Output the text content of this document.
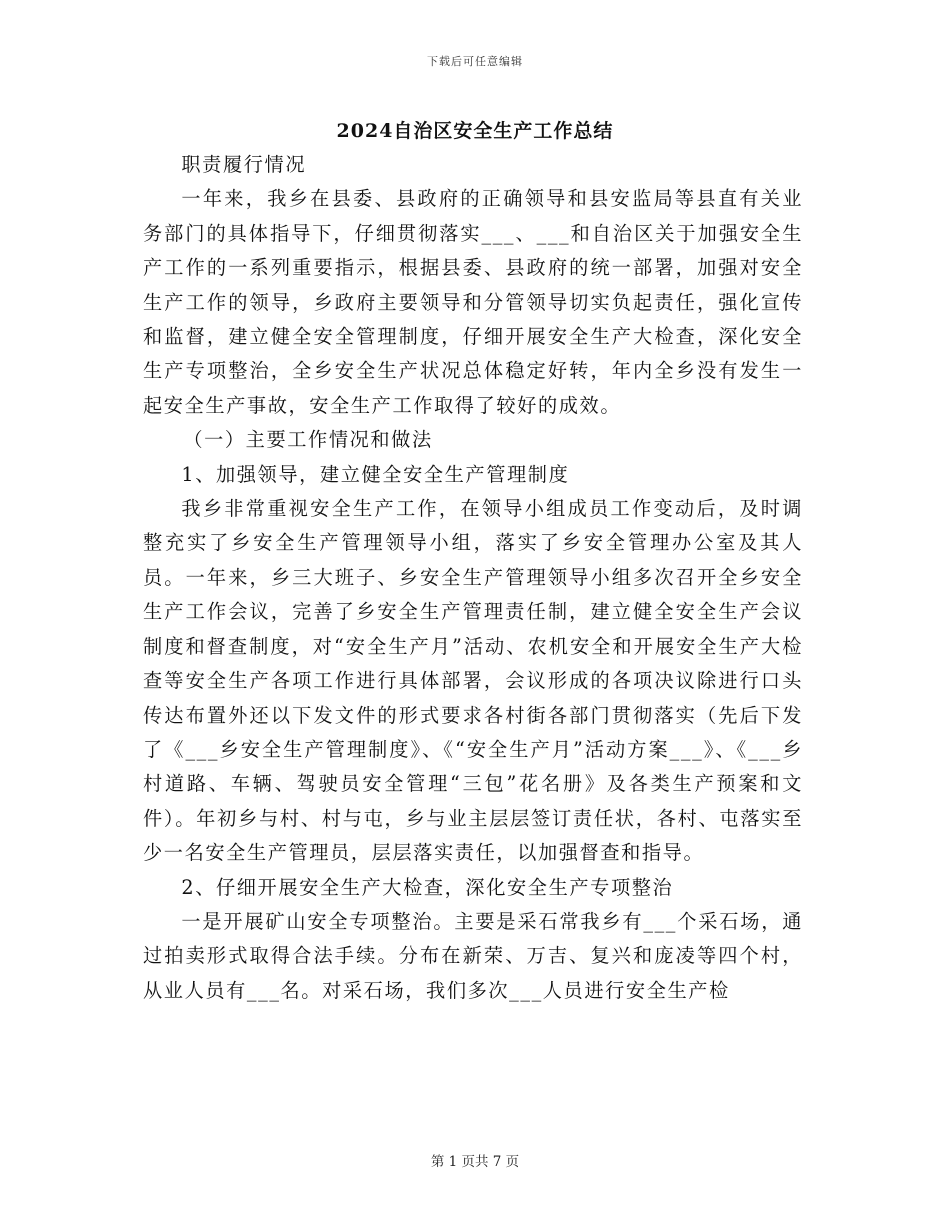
下载后可任意编辑
2024自治区安全生产工作总结

职责履行情况

一年来，我乡在县委、县政府的正确领导和县安监局等县直有关业务部门的具体指导下，仔细贯彻落实___、___和自治区关于加强安全生产工作的一系列重要指示，根据县委、县政府的统一部署，加强对安全生产工作的领导，乡政府主要领导和分管领导切实负起责任，强化宣传和监督，建立健全安全管理制度，仔细开展安全生产大检查，深化安全生产专项整治，全乡安全生产状况总体稳定好转，年内全乡没有发生一起安全生产事故，安全生产工作取得了较好的成效。

（一）主要工作情况和做法

1、加强领导，建立健全安全生产管理制度

我乡非常重视安全生产工作，在领导小组成员工作变动后，及时调整充实了乡安全生产管理领导小组，落实了乡安全管理办公室及其人员。一年来，乡三大班子、乡安全生产管理领导小组多次召开全乡安全生产工作会议，完善了乡安全生产管理责任制，建立健全安全生产会议制度和督查制度，对“安全生产月”活动、农机安全和开展安全生产大检查等安全生产各项工作进行具体部署，会议形成的各项决议除进行口头传达布置外还以下发文件的形式要求各村街各部门贯彻落实（先后下发了《___乡安全生产管理制度》、《“安全生产月”活动方案___》、《___乡村道路、车辆、驾驶员安全管理“三包”花名册》及各类生产预案和文件）。年初乡与村、村与屯，乡与业主层层签订责任状，各村、屯落实至少一名安全生产管理员，层层落实责任，以加强督查和指导。

2、仔细开展安全生产大检查，深化安全生产专项整治

一是开展矿山安全专项整治。主要是采石常我乡有___个采石场，通过拍卖形式取得合法手续。分布在新荣、万吉、复兴和庞凌等四个村，从业人员有___名。对采石场，我们多次___人员进行安全生产检

第 1 页共 7 页
